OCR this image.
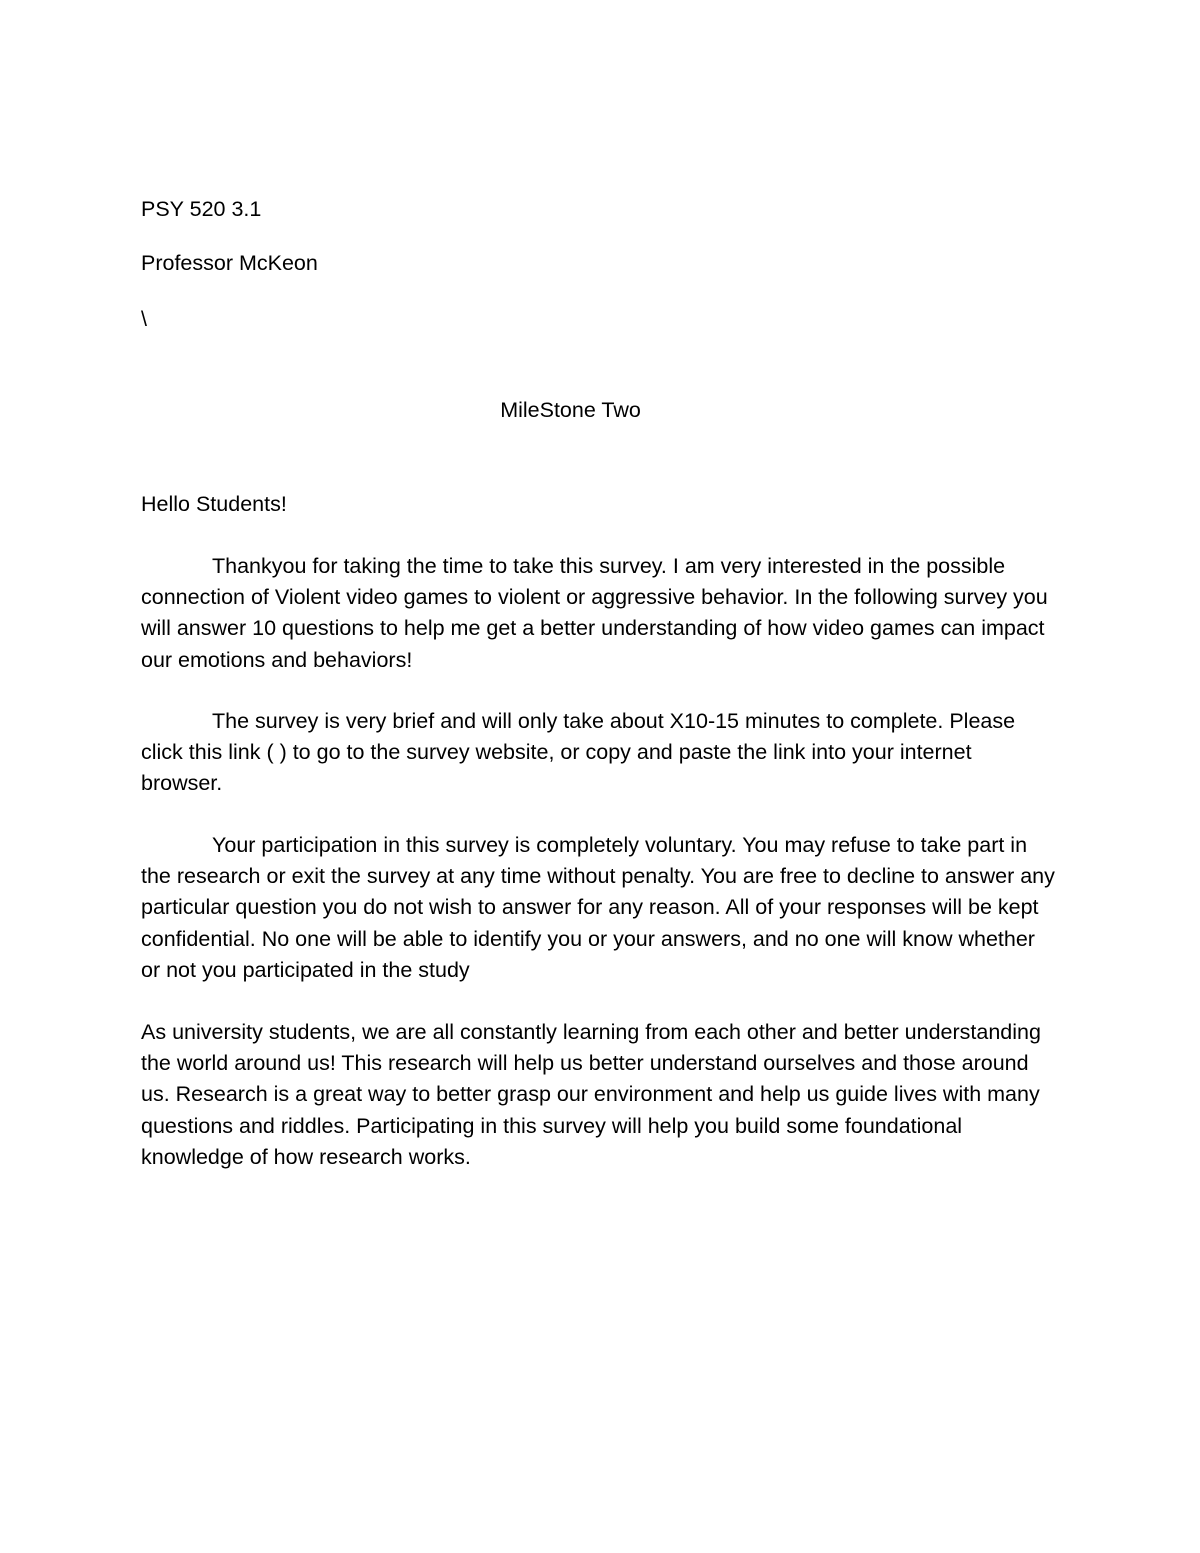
PSY 520 3.1
Professor McKeon
\
MileStone Two
Hello Students!

Thankyou for taking the time to take this survey. I am very interested in the possible connection of Violent video games to violent or aggressive behavior. In the following survey you will answer 10 questions to help me get a better understanding of how video games can impact our emotions and behaviors!

The survey is very brief and will only take about X10-15 minutes to complete. Please click this link ( ) to go to the survey website, or copy and paste the link into your internet browser.

Your participation in this survey is completely voluntary. You may refuse to take part in the research or exit the survey at any time without penalty. You are free to decline to answer any particular question you do not wish to answer for any reason. All of your responses will be kept confidential. No one will be able to identify you or your answers, and no one will know whether or not you participated in the study

As university students, we are all constantly learning from each other and better understanding the world around us! This research will help us better understand ourselves and those around us. Research is a great way to better grasp our environment and help us guide lives with many questions and riddles. Participating in this survey will help you build some foundational knowledge of how research works.
